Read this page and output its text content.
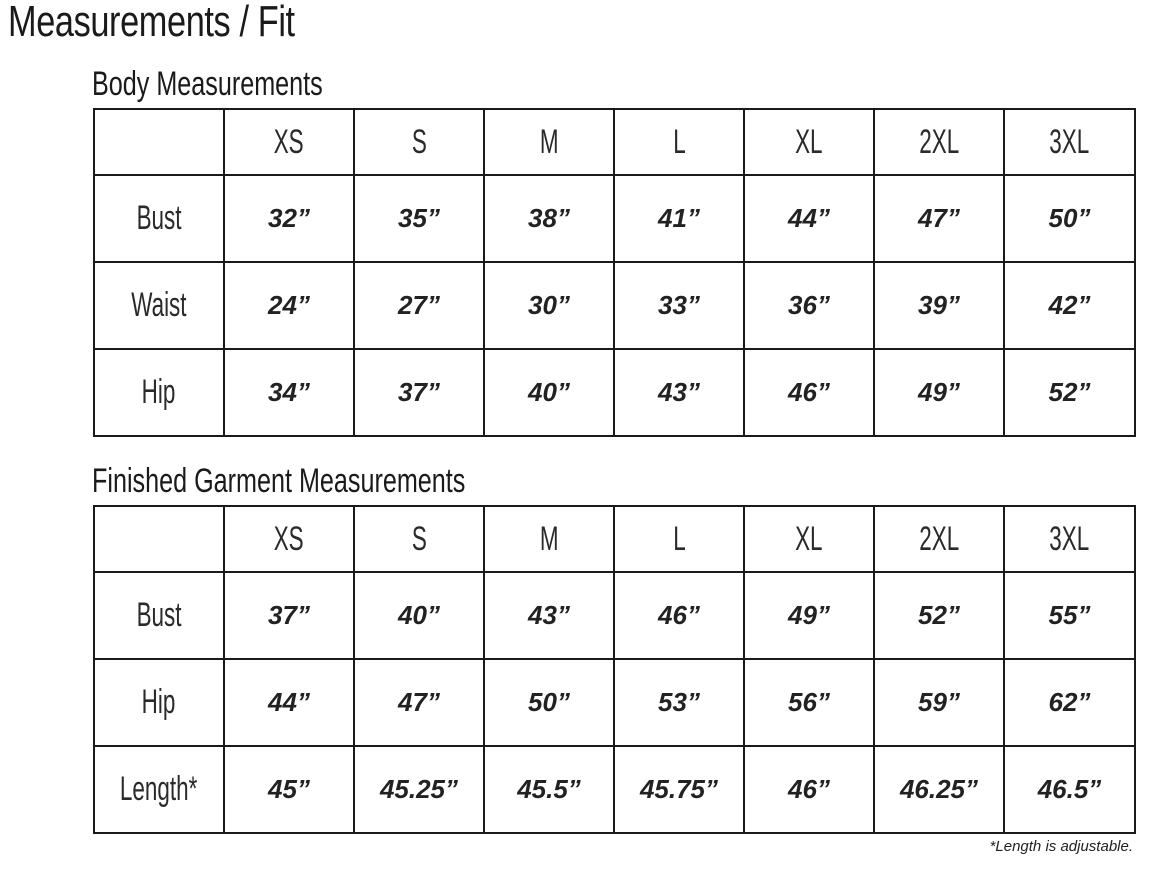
Measurements / Fit
Body Measurements
	XS	S	M	L	XL	2XL	3XL
Bust	32”	35”	38”	41”	44”	47”	50”
Waist	24”	27”	30”	33”	36”	39”	42”
Hip	34”	37”	40”	43”	46”	49”	52”
Finished Garment Measurements
	XS	S	M	L	XL	2XL	3XL
Bust	37”	40”	43”	46”	49”	52”	55”
Hip	44”	47”	50”	53”	56”	59”	62”
Length*	45”	45.25”	45.5”	45.75”	46”	46.25”	46.5”

*Length is adjustable.
